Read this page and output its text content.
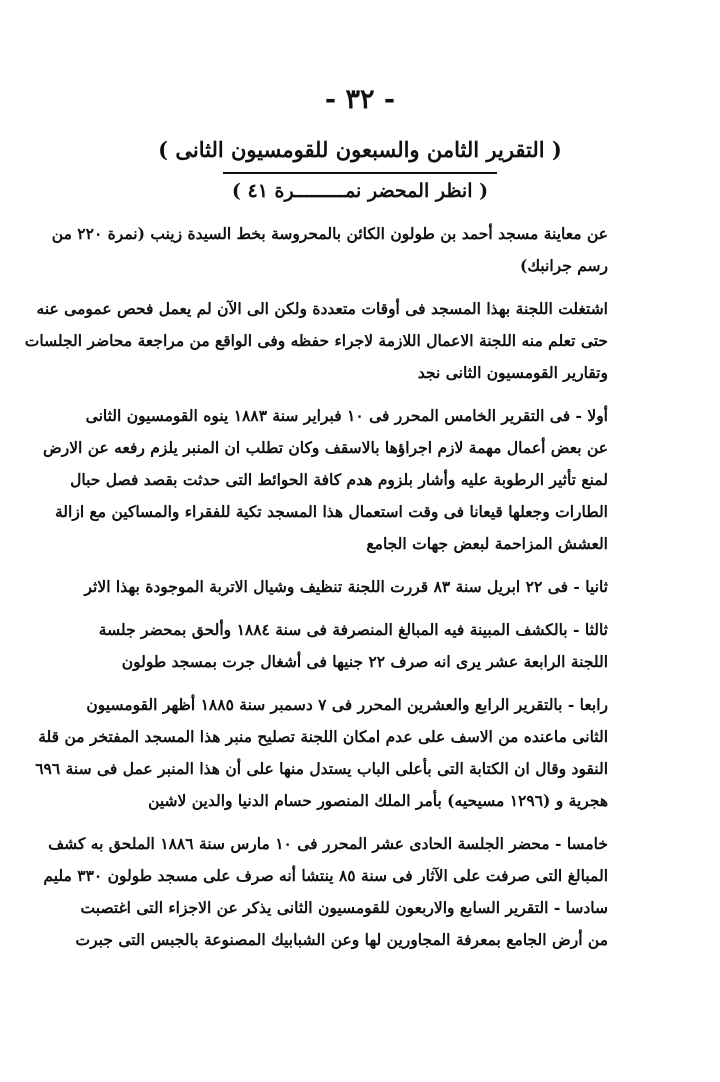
- ٣٢ -
( التقرير الثامن والسبعون للقومسيون الثانى )
( انظر المحضر نمـــــــــرة ٤١ )
عن معاينة مسجد أحمد بن طولون الكائن بالمحروسة بخط السيدة زينب (نمرة ٢٢٠ من
رسم جرانبك)
اشتغلت اللجنة بهذا المسجد فى أوقات متعددة ولكن الى الآن لم يعمل فحص عمومى عنه
حتى تعلم منه اللجنة الاعمال اللازمة لاجراء حفظه وفى الواقع من مراجعة محاضر الجلسات
وتقارير القومسيون الثانى نجد
أولا - فى التقرير الخامس المحرر فى ١٠ فبراير سنة ١٨٨٣ ينوه القومسيون الثانى
عن بعض أعمال مهمة لازم اجراؤها بالاسقف وكان تطلب ان المنبر يلزم رفعه عن الارض
لمنع تأثير الرطوبة عليه وأشار بلزوم هدم كافة الحوائط التى حدثت بقصد فصل حبال
الطارات وجعلها قيعانا فى وقت استعمال هذا المسجد تكية للفقراء والمساكين مع ازالة
العشش المزاحمة لبعض جهات الجامع
ثانيا - فى ٢٢ ابريل سنة ٨٣ قررت اللجنة تنظيف وشيال الاتربة الموجودة بهذا الاثر
ثالثا - بالكشف المبينة فيه المبالغ المنصرفة فى سنة ١٨٨٤ وألحق بمحضر جلسة
اللجنة الرابعة عشر يرى انه صرف ٢٢ جنيها فى أشغال جرت بمسجد طولون
رابعا - بالتقرير الرابع والعشرين المحرر فى ٧ دسمبر سنة ١٨٨٥ أظهر القومسيون
الثانى ماعنده من الاسف على عدم امكان اللجنة تصليح منبر هذا المسجد المفتخر من قلة
النقود وقال ان الكتابة التى بأعلى الباب يستدل منها على أن هذا المنبر عمل فى سنة ٦٩٦
هجرية و (١٢٩٦ مسيحيه) بأمر الملك المنصور حسام الدنيا والدين لاشين
خامسا - محضر الجلسة الحادى عشر المحرر فى ١٠ مارس سنة ١٨٨٦ الملحق به كشف
المبالغ التى صرفت على الآثار فى سنة ٨٥ ينتشا أنه صرف على مسجد طولون ٣٣٠ مليم
سادسا - التقرير السابع والاربعون للقومسيون الثانى يذكر عن الاجزاء التى اغتصبت
من أرض الجامع بمعرفة المجاورين لها وعن الشبابيك المصنوعة بالجبس التى جبرت
